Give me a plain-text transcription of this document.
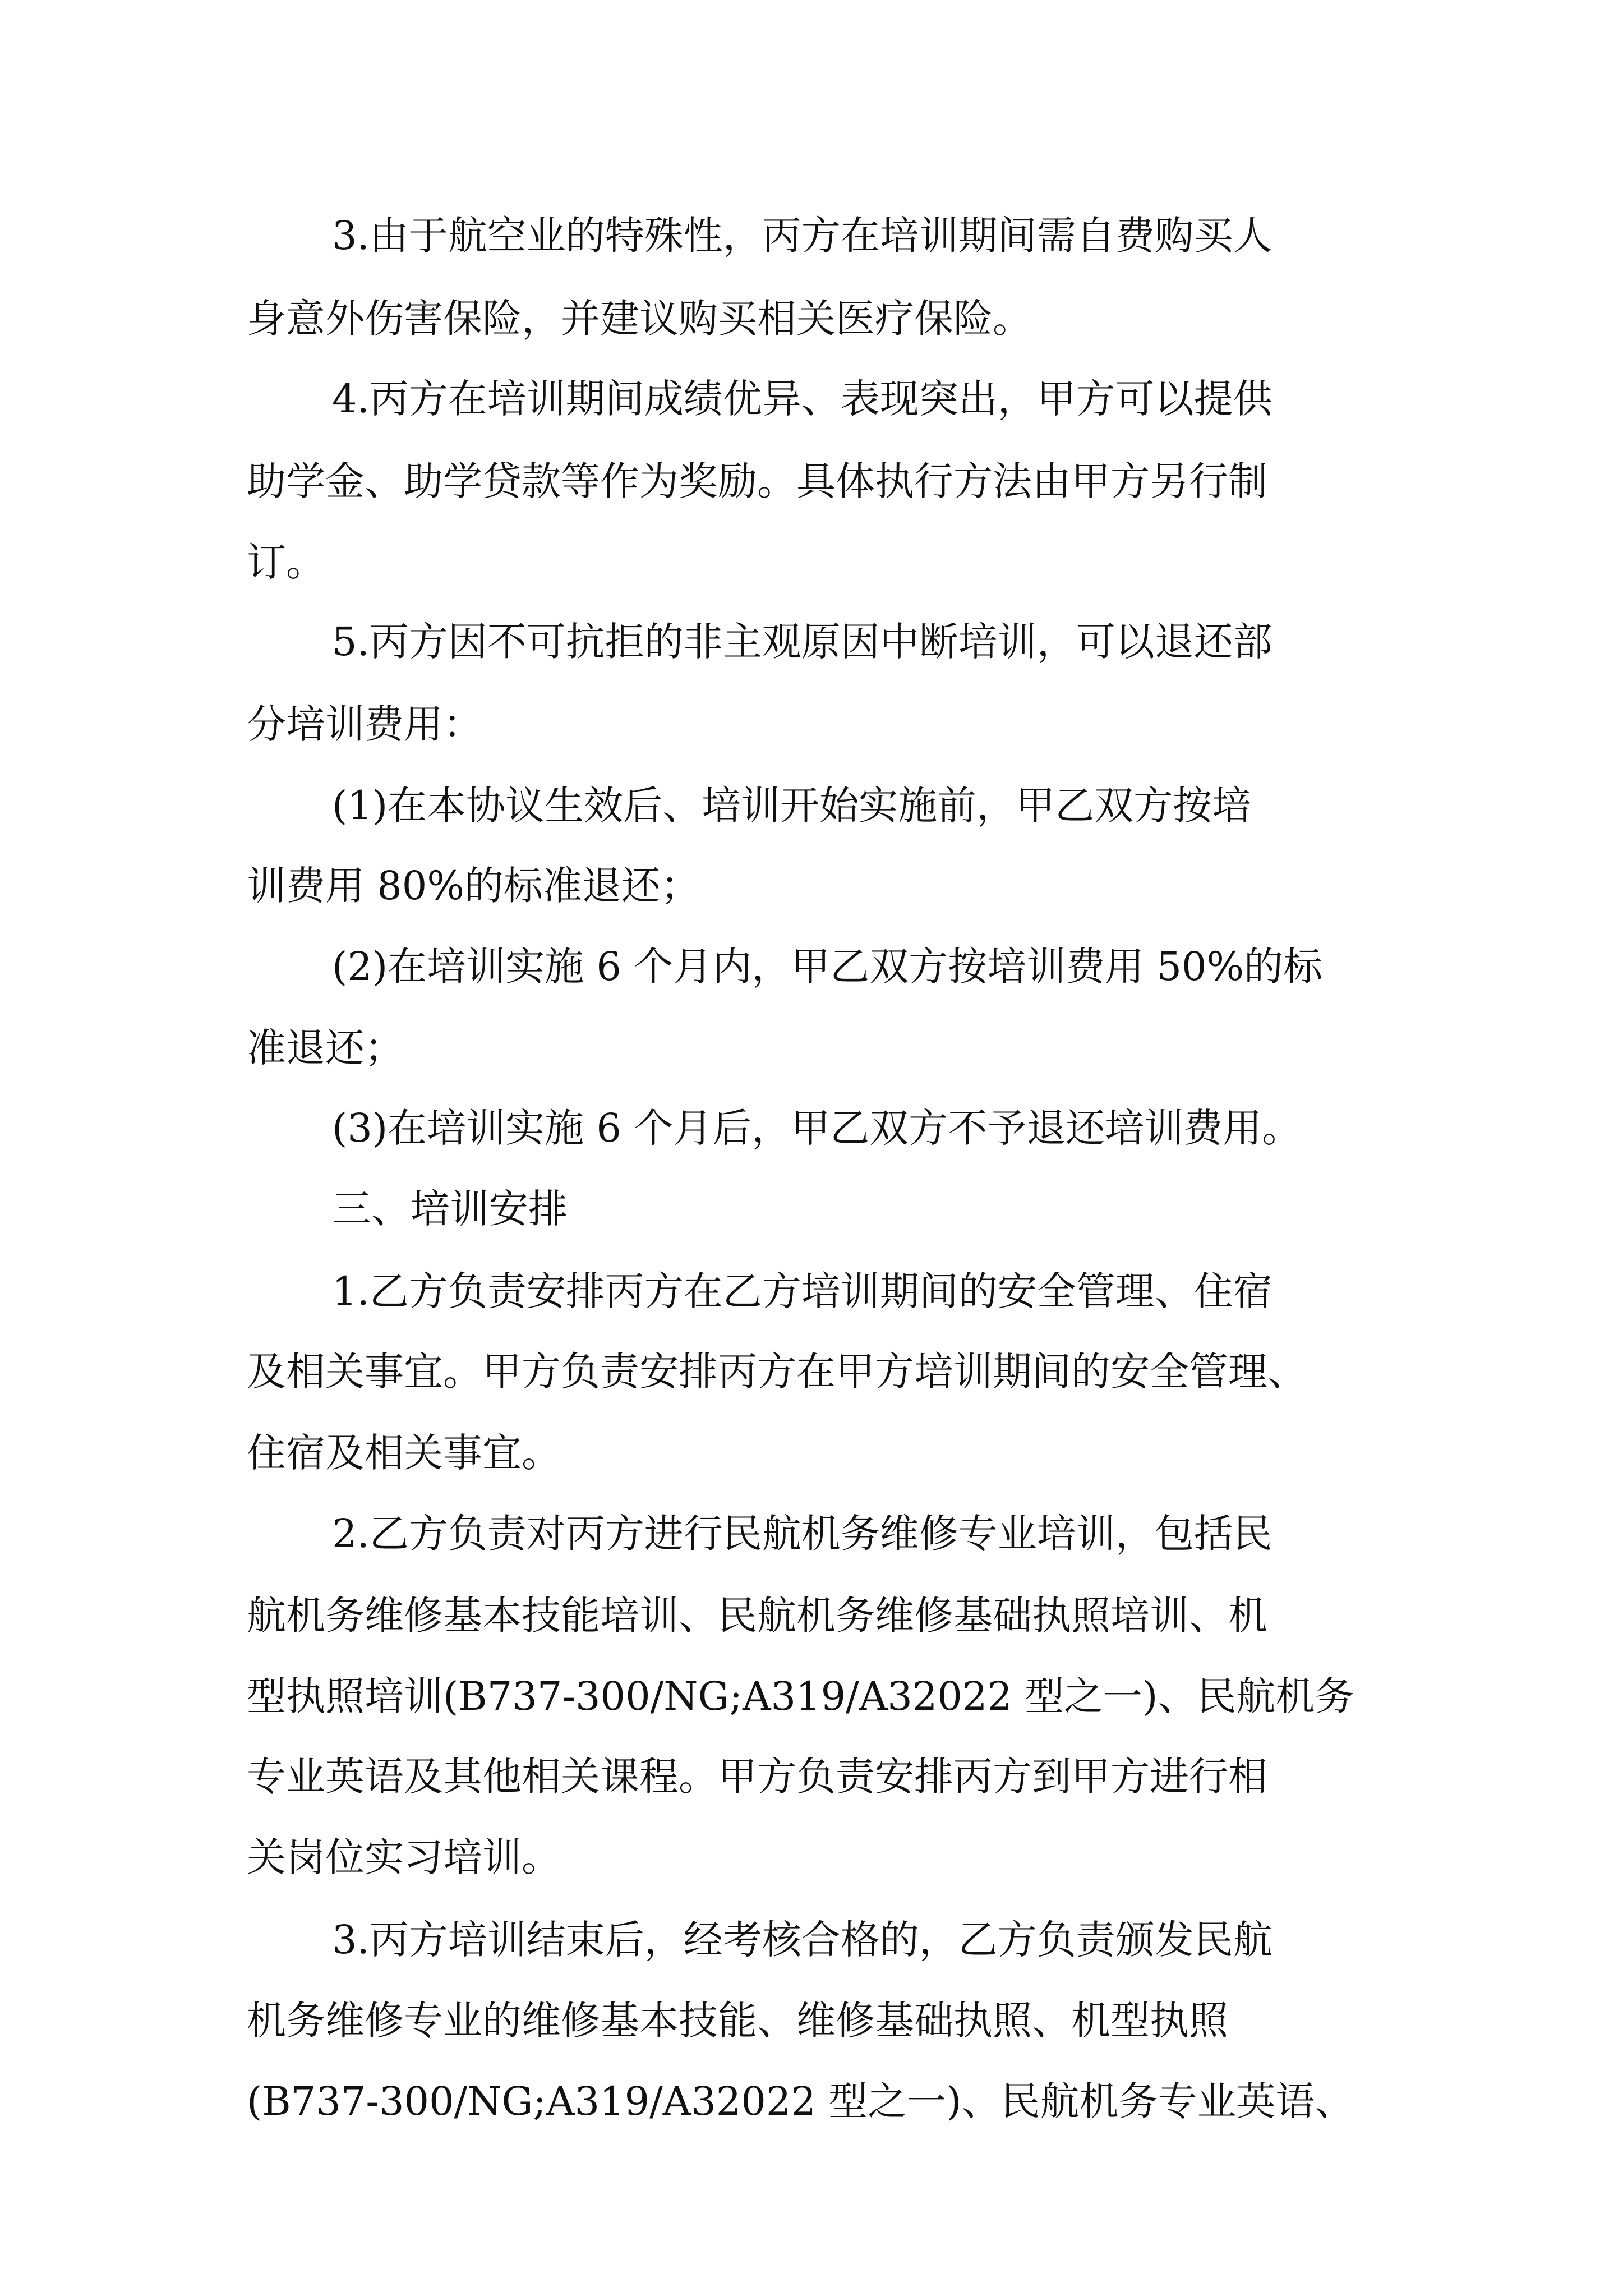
3.由于航空业的特殊性，丙方在培训期间需自费购买人
身意外伤害保险，并建议购买相关医疗保险。
4.丙方在培训期间成绩优异、表现突出，甲方可以提供
助学金、助学贷款等作为奖励。具体执行方法由甲方另行制
订。
5.丙方因不可抗拒的非主观原因中断培训，可以退还部
分培训费用：
(1)在本协议生效后、培训开始实施前，甲乙双方按培
训费用 80%的标准退还；
(2)在培训实施 6 个月内，甲乙双方按培训费用 50%的标
准退还；
(3)在培训实施 6 个月后，甲乙双方不予退还培训费用。
三、培训安排
1.乙方负责安排丙方在乙方培训期间的安全管理、住宿
及相关事宜。甲方负责安排丙方在甲方培训期间的安全管理、
住宿及相关事宜。
2.乙方负责对丙方进行民航机务维修专业培训，包括民
航机务维修基本技能培训、民航机务维修基础执照培训、机
型执照培训(B737-300/NG;A319/A32022 型之一)、民航机务
专业英语及其他相关课程。甲方负责安排丙方到甲方进行相
关岗位实习培训。
3.丙方培训结束后，经考核合格的，乙方负责颁发民航
机务维修专业的维修基本技能、维修基础执照、机型执照
(B737-300/NG;A319/A32022 型之一)、民航机务专业英语、
